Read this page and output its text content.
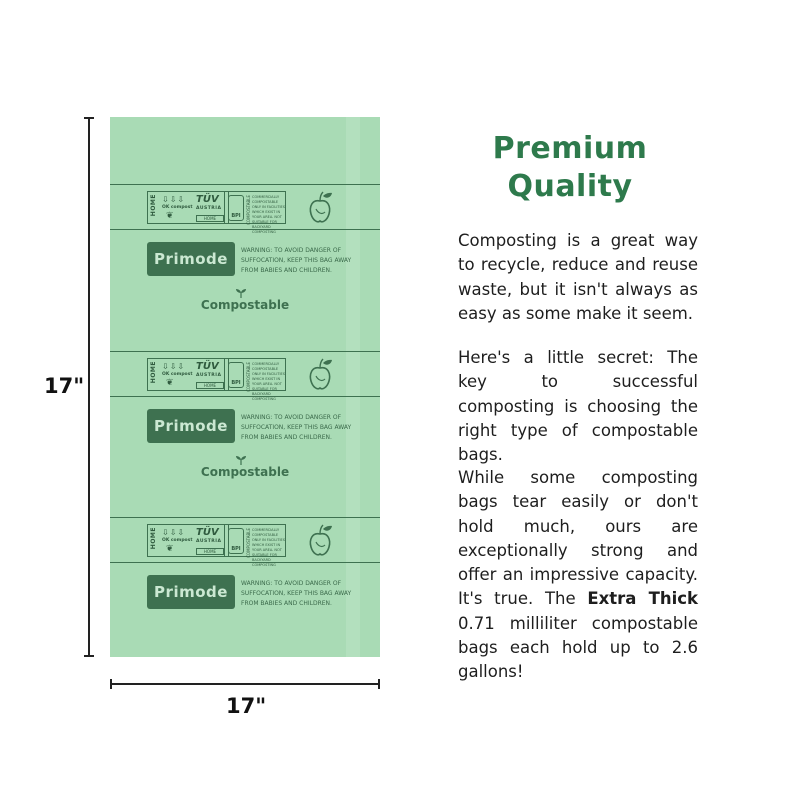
17"
17"
HOME ⇩⇩⇩
OK compost
❦
TÜV
AUSTRIA
HOME	BPI	COMPOSTABLE COMMERCIALLY COMPOSTABLE ONLY IN FACILITIES WHICH EXIST IN YOUR AREA. NOT SUITABLE FOR BACKYARD COMPOSTING
Primode	WARNING: TO AVOID DANGER OF SUFFOCATION, KEEP THIS BAG AWAY FROM BABIES AND CHILDREN.
Compostable
HOME ⇩⇩⇩
OK compost
❦
TÜV
AUSTRIA
HOME	BPI	COMPOSTABLE COMMERCIALLY COMPOSTABLE ONLY IN FACILITIES WHICH EXIST IN YOUR AREA. NOT SUITABLE FOR BACKYARD COMPOSTING
Primode	WARNING: TO AVOID DANGER OF SUFFOCATION, KEEP THIS BAG AWAY FROM BABIES AND CHILDREN.
Compostable
HOME ⇩⇩⇩
OK compost
❦
TÜV
AUSTRIA
HOME	BPI	COMPOSTABLE COMMERCIALLY COMPOSTABLE ONLY IN FACILITIES WHICH EXIST IN YOUR AREA. NOT SUITABLE FOR BACKYARD COMPOSTING
Primode	WARNING: TO AVOID DANGER OF SUFFOCATION, KEEP THIS BAG AWAY FROM BABIES AND CHILDREN.
Premium
Quality

Composting is a great way to recycle, reduce and reuse waste, but it isn't always as easy as some make it seem.

Here's a little secret: The key to successful composting is choosing the right type of compostable bags.

While some composting bags tear easily or don't hold much, ours are exceptionally strong and offer an impressive capacity. It's true. The Extra Thick 0.71 milliliter compostable bags each hold up to 2.6 gallons!
